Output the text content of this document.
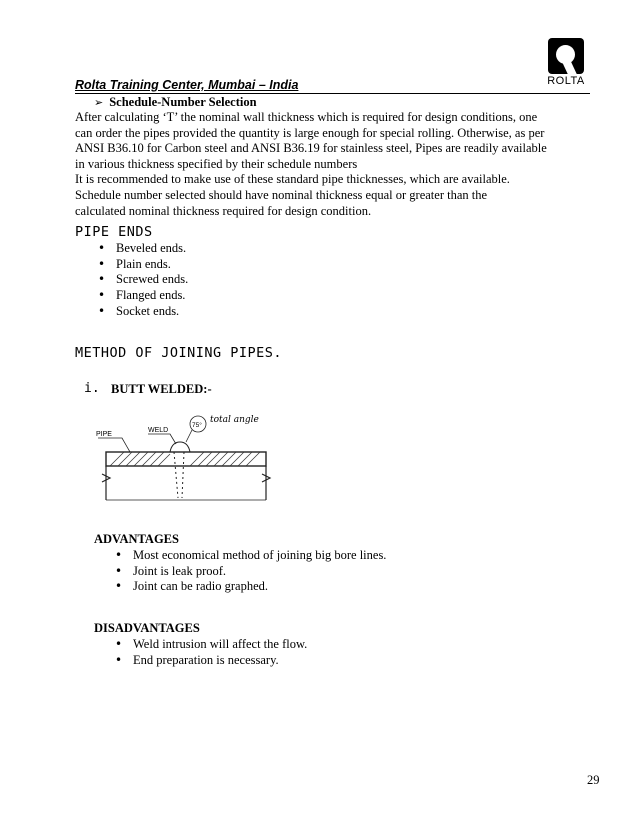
ROLTA
Rolta Training Center, Mumbai – India
➢ Schedule-Number Selection
After calculating ‘T’ the nominal wall thickness which is required for design conditions, one
can order the pipes provided the quantity is large enough for special rolling. Otherwise, as per
ANSI B36.10 for Carbon steel and ANSI B36.19 for stainless steel, Pipes are readily available
in various thickness specified by their schedule numbers
It is recommended to make use of these standard pipe thicknesses, which are available.
Schedule number selected should have nominal thickness equal or greater than the
calculated nominal thickness required for design condition.
PIPE ENDS
• Beveled ends.
• Plain ends.
• Screwed ends.
• Flanged ends.
• Socket ends.
METHOD OF JOINING PIPES.
i. BUTT WELDED:-
PIPE
WELD
75°
total angle
ADVANTAGES
• Most economical method of joining big bore lines.
• Joint is leak proof.
• Joint can be radio graphed.
DISADVANTAGES
• Weld intrusion will affect the flow.
• End preparation is necessary.
29
